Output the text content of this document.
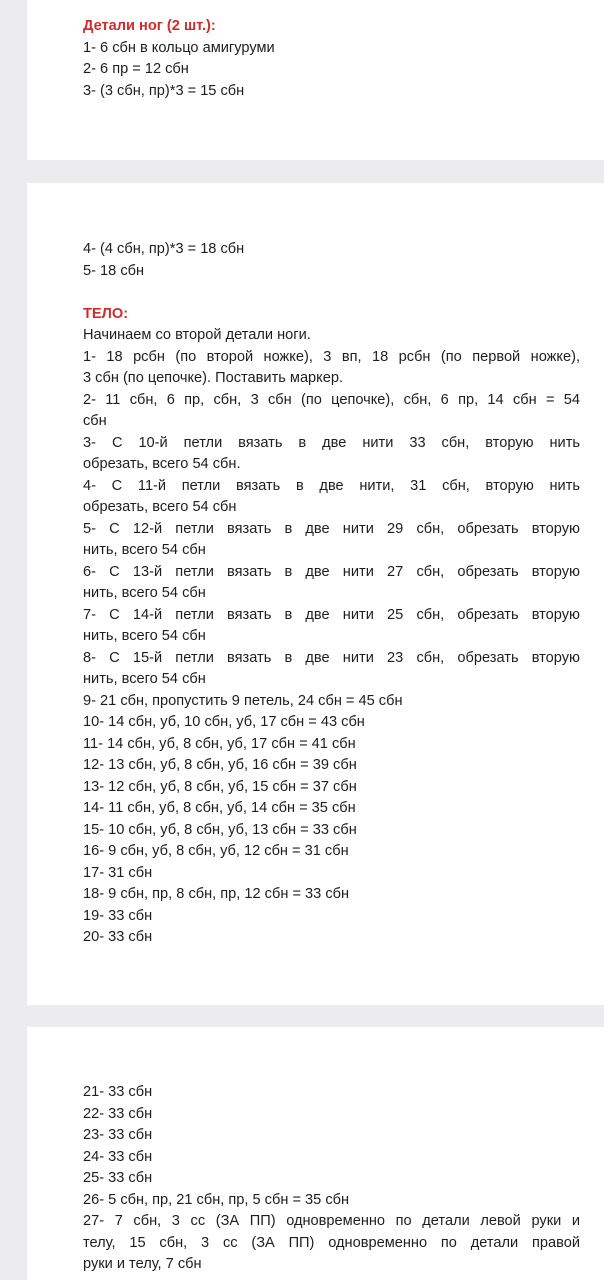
Детали ног (2 шт.):
1- 6 сбн в кольцо амигуруми
2- 6 пр = 12 сбн
3- (3 сбн, пр)*3 = 15 сбн
4- (4 сбн, пр)*3 = 18 сбн
5- 18 сбн
ТЕЛО:
Начинаем со второй детали ноги.
1- 18 рсбн (по второй ножке), 3 вп, 18 рсбн (по первой ножке),
3 сбн (по цепочке). Поставить маркер.
2- 11 сбн, 6 пр, сбн, 3 сбн (по цепочке), сбн, 6 пр, 14 сбн = 54
сбн
3- С 10-й петли вязать в две нити 33 сбн, вторую нить
обрезать, всего 54 сбн.
4- С 11-й петли вязать в две нити, 31 сбн, вторую нить
обрезать, всего 54 сбн
5- С 12-й петли вязать в две нити 29 сбн, обрезать вторую
нить, всего 54 сбн
6- С 13-й петли вязать в две нити 27 сбн, обрезать вторую
нить, всего 54 сбн
7- С 14-й петли вязать в две нити 25 сбн, обрезать вторую
нить, всего 54 сбн
8- С 15-й петли вязать в две нити 23 сбн, обрезать вторую
нить, всего 54 сбн
9- 21 сбн, пропустить 9 петель, 24 сбн = 45 сбн
10- 14 сбн, уб, 10 сбн, уб, 17 сбн = 43 сбн
11- 14 сбн, уб, 8 сбн, уб, 17 сбн = 41 сбн
12- 13 сбн, уб, 8 сбн, уб, 16 сбн = 39 сбн
13- 12 сбн, уб, 8 сбн, уб, 15 сбн = 37 сбн
14- 11 сбн, уб, 8 сбн, уб, 14 сбн = 35 сбн
15- 10 сбн, уб, 8 сбн, уб, 13 сбн = 33 сбн
16- 9 сбн, уб, 8 сбн, уб, 12 сбн = 31 сбн
17- 31 сбн
18- 9 сбн, пр, 8 сбн, пр, 12 сбн = 33 сбн
19- 33 сбн
20- 33 сбн
21- 33 сбн
22- 33 сбн
23- 33 сбн
24- 33 сбн
25- 33 сбн
26- 5 сбн, пр, 21 сбн, пр, 5 сбн = 35 сбн
27- 7 сбн, 3 сс (ЗА ПП) одновременно по детали левой руки и
телу, 15 сбн, 3 сс (ЗА ПП) одновременно по детали правой
руки и телу, 7 сбн
